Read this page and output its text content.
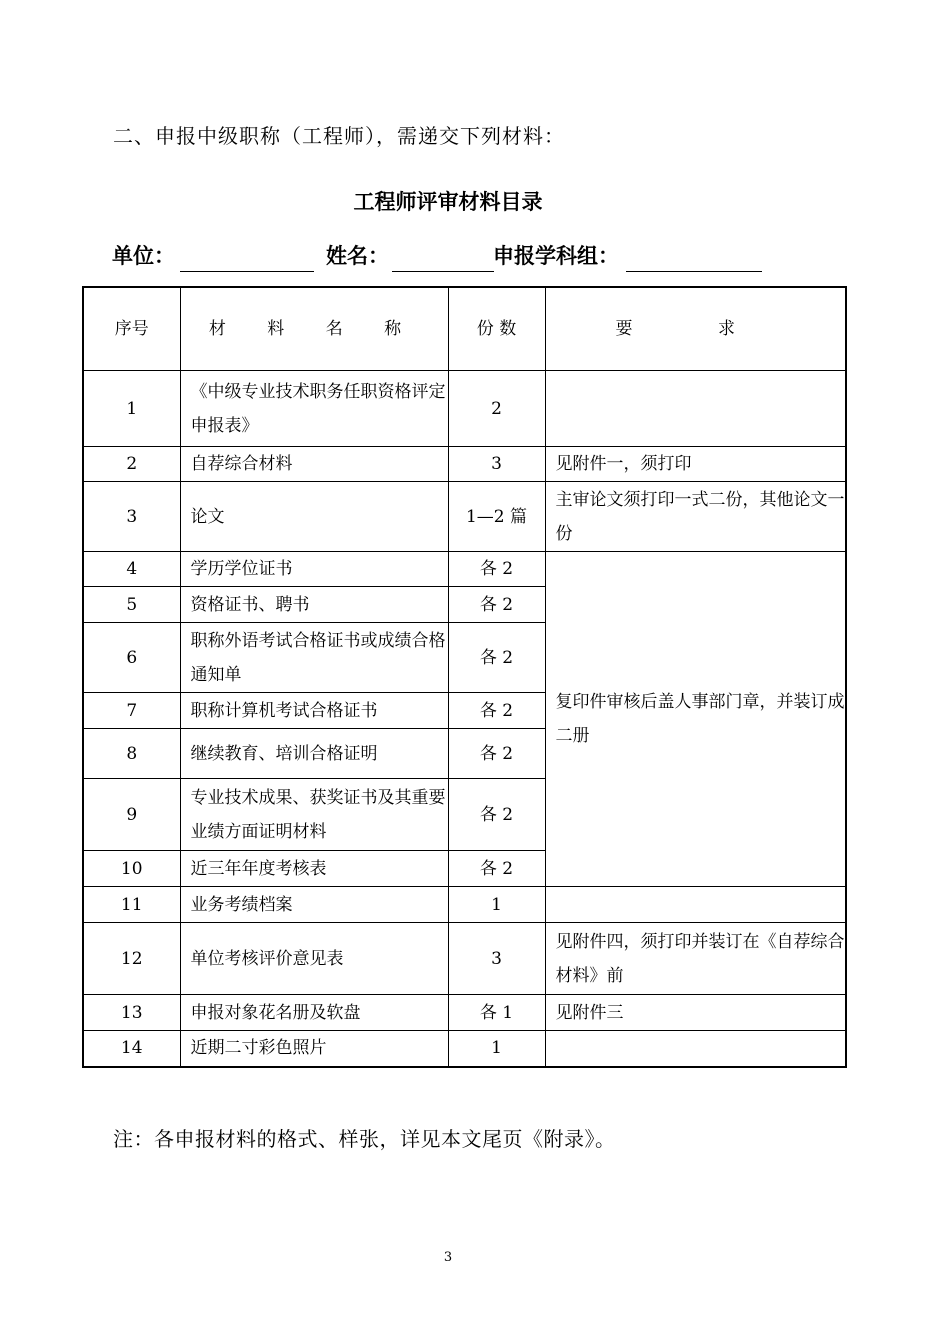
二、申报中级职称（工程师），需递交下列材料：
工程师评审材料目录
单位：	姓名：	申报学科组：
序号	材 料 名 称	份 数	要 求
1	《中级专业技术职务任职资格评定申报表》	2	
2	自荐综合材料	3	见附件一，须打印
3	论文	1—2 篇	主审论文须打印一式二份，其他论文一份
4	学历学位证书	各 2	复印件审核后盖人事部门章，并装订成二册
5	资格证书、聘书	各 2	
6	职称外语考试合格证书或成绩合格通知单	各 2	
7	职称计算机考试合格证书	各 2	
8	继续教育、培训合格证明	各 2	
9	专业技术成果、获奖证书及其重要业绩方面证明材料	各 2	
10	近三年年度考核表	各 2	
11	业务考绩档案	1	
12	单位考核评价意见表	3	见附件四，须打印并装订在《自荐综合材料》前
13	申报对象花名册及软盘	各 1	见附件三
14	近期二寸彩色照片	1	
注：各申报材料的格式、样张，详见本文尾页《附录》。
3
